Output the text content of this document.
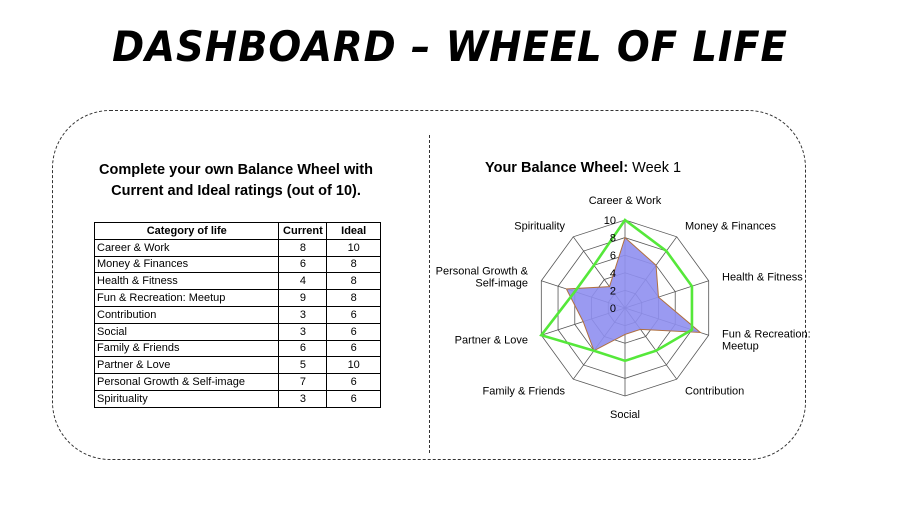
DASHBOARD – WHEEL OF LIFE
Complete your own Balance Wheel with
Current and Ideal ratings (out of 10).
Category of life	Current	Ideal
Career & Work	8	10
Money & Finances	6	8
Health & Fitness	4	8
Fun & Recreation: Meetup	9	8
Contribution	3	6
Social	3	6
Family & Friends	6	6
Partner & Love	5	10
Personal Growth & Self-image	7	6
Spirituality	3	6
Your Balance Wheel: Week 1
0
2
4
6
8
10
Career & Work
Money & Finances
Health & Fitness
Fun & Recreation: Meetup
Contribution
Social
Family & Friends
Partner & Love
Personal Growth & Self-image
Spirituality
